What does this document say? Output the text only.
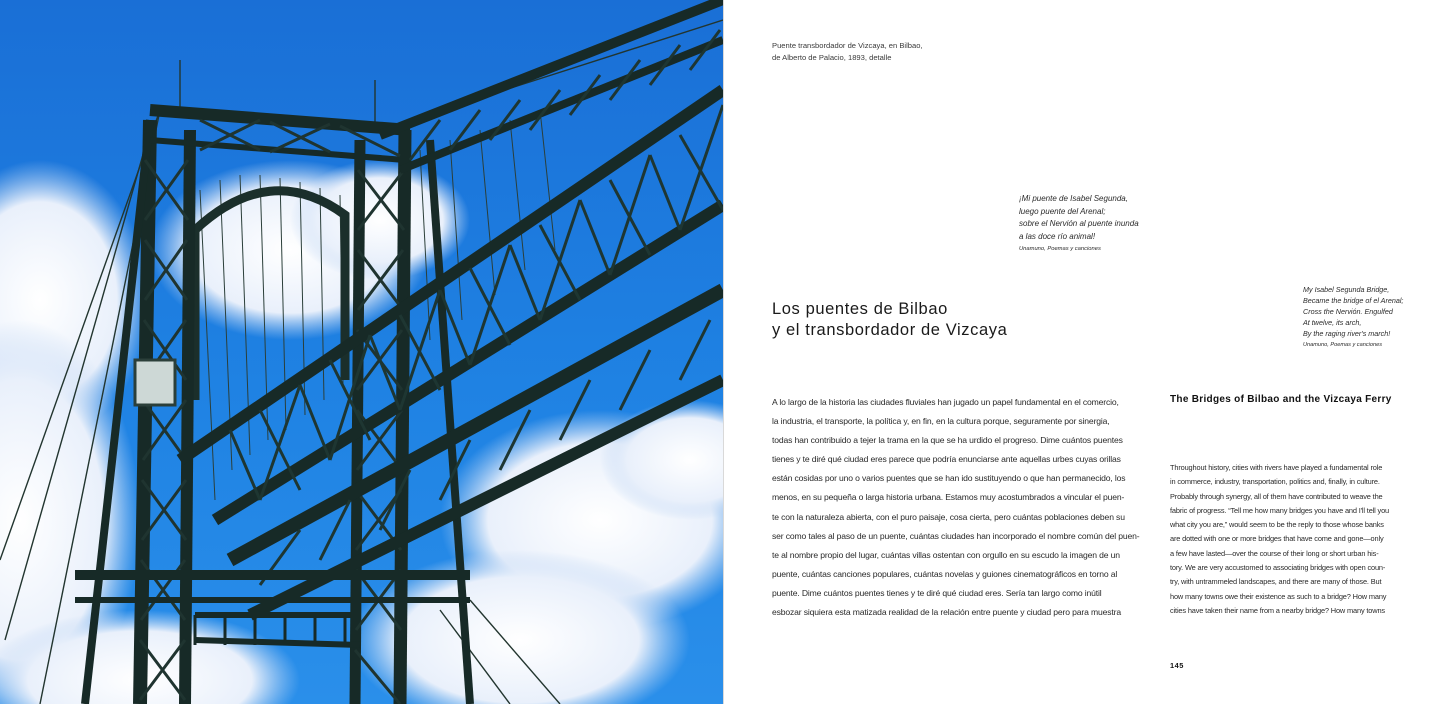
Puente transbordador de Vizcaya, en Bilbao,
de Alberto de Palacio, 1893, detalle
¡Mi puente de Isabel Segunda,
luego puente del Arenal;
sobre el Nervión al puente inunda
a las doce río animal!
Unamuno, Poemas y canciones
My Isabel Segunda Bridge,
Became the bridge of el Arenal;
Cross the Nervión. Engulfed
At twelve, its arch,
By the raging river's march!
Unamuno, Poemas y canciones
Los puentes de Bilbao
y el transbordador de Vizcaya
The Bridges of Bilbao and the Vizcaya Ferry
A lo largo de la historia las ciudades fluviales han jugado un papel fundamental en el comercio,
la industria, el transporte, la política y, en fin, en la cultura porque, seguramente por sinergia,
todas han contribuido a tejer la trama en la que se ha urdido el progreso. Dime cuántos puentes
tienes y te diré qué ciudad eres parece que podría enunciarse ante aquellas urbes cuyas orillas
están cosidas por uno o varios puentes que se han ido sustituyendo o que han permanecido, los
menos, en su pequeña o larga historia urbana. Estamos muy acostumbrados a vincular el puen-
te con la naturaleza abierta, con el puro paisaje, cosa cierta, pero cuántas poblaciones deben su
ser como tales al paso de un puente, cuántas ciudades han incorporado el nombre común del puen-
te al nombre propio del lugar, cuántas villas ostentan con orgullo en su escudo la imagen de un
puente, cuántas canciones populares, cuántas novelas y guiones cinematográficos en torno al
puente. Dime cuántos puentes tienes y te diré qué ciudad eres. Sería tan largo como inútil
esbozar siquiera esta matizada realidad de la relación entre puente y ciudad pero para muestra
Throughout history, cities with rivers have played a fundamental role
in commerce, industry, transportation, politics and, finally, in culture.
Probably through synergy, all of them have contributed to weave the
fabric of progress. “Tell me how many bridges you have and I'll tell you
what city you are,” would seem to be the reply to those whose banks
are dotted with one or more bridges that have come and gone—only
a few have lasted—over the course of their long or short urban his-
tory. We are very accustomed to associating bridges with open coun-
try, with untrammeled landscapes, and there are many of those. But
how many towns owe their existence as such to a bridge? How many
cities have taken their name from a nearby bridge? How many towns
145
